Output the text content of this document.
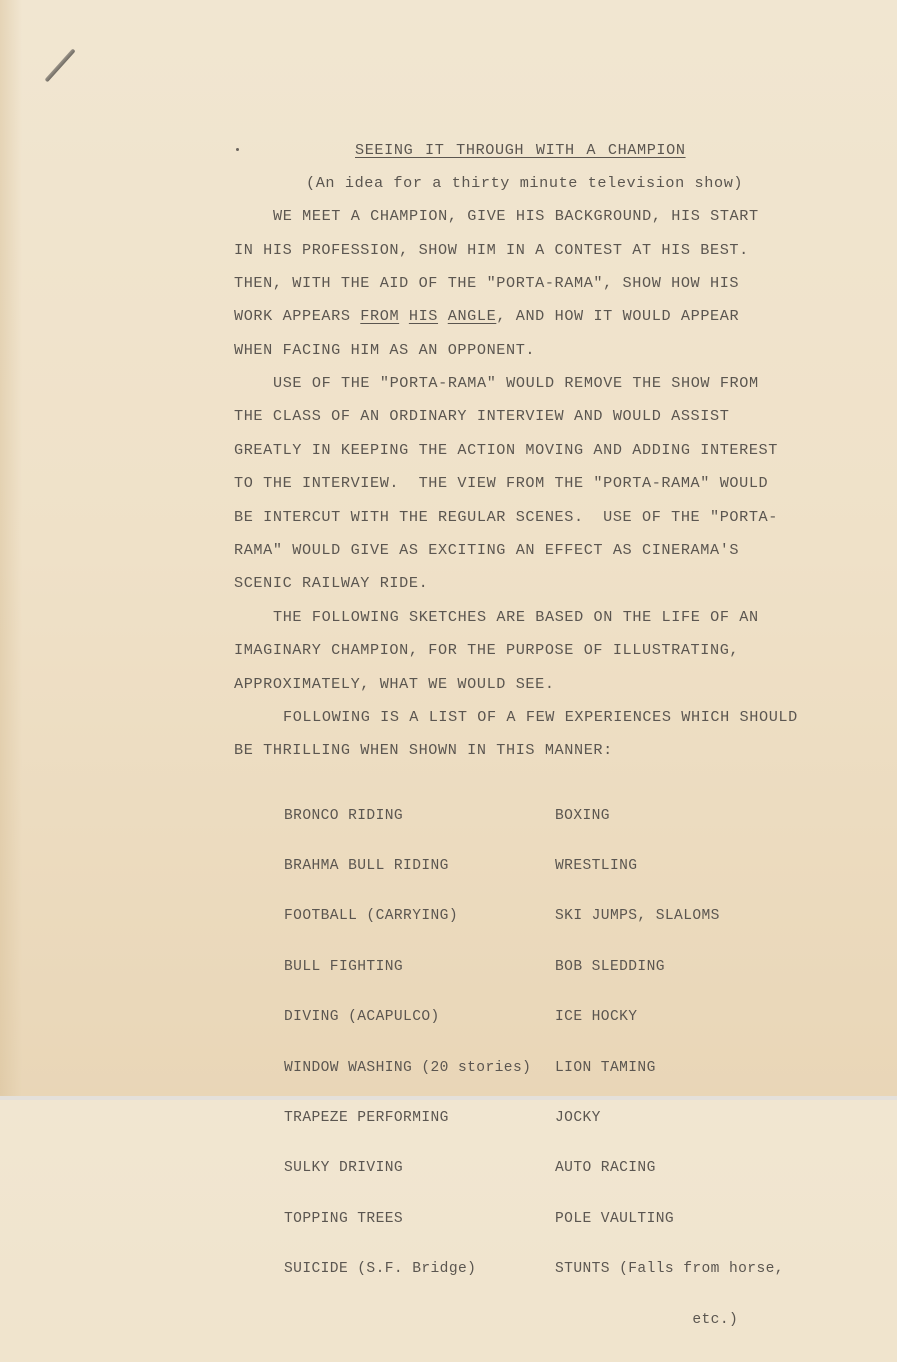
SEEING IT THROUGH WITH A CHAMPION
(An idea for a thirty minute television show)
WE MEET A CHAMPION, GIVE HIS BACKGROUND, HIS START
IN HIS PROFESSION, SHOW HIM IN A CONTEST AT HIS BEST.
THEN, WITH THE AID OF THE "PORTA-RAMA", SHOW HOW HIS
WORK APPEARS FROM HIS ANGLE, AND HOW IT WOULD APPEAR
WHEN FACING HIM AS AN OPPONENT.
USE OF THE "PORTA-RAMA" WOULD REMOVE THE SHOW FROM
THE CLASS OF AN ORDINARY INTERVIEW AND WOULD ASSIST
GREATLY IN KEEPING THE ACTION MOVING AND ADDING INTEREST
TO THE INTERVIEW.  THE VIEW FROM THE "PORTA-RAMA" WOULD
BE INTERCUT WITH THE REGULAR SCENES.  USE OF THE "PORTA-
RAMA" WOULD GIVE AS EXCITING AN EFFECT AS CINERAMA'S
SCENIC RAILWAY RIDE.
THE FOLLOWING SKETCHES ARE BASED ON THE LIFE OF AN
IMAGINARY CHAMPION, FOR THE PURPOSE OF ILLUSTRATING,
APPROXIMATELY, WHAT WE WOULD SEE.
FOLLOWING IS A LIST OF A FEW EXPERIENCES WHICH SHOULD
BE THRILLING WHEN SHOWN IN THIS MANNER:

BRONCO RIDING

BRAHMA BULL RIDING

FOOTBALL (CARRYING)

BULL FIGHTING

DIVING (ACAPULCO)

WINDOW WASHING (20 stories)

TRAPEZE PERFORMING

SULKY DRIVING

TOPPING TREES

SUICIDE (S.F. Bridge)

BOXING

WRESTLING

SKI JUMPS, SLALOMS

BOB SLEDDING

ICE HOCKY

LION TAMING

JOCKY

AUTO RACING

POLE VAULTING

STUNTS (Falls from horse,

etc.)
